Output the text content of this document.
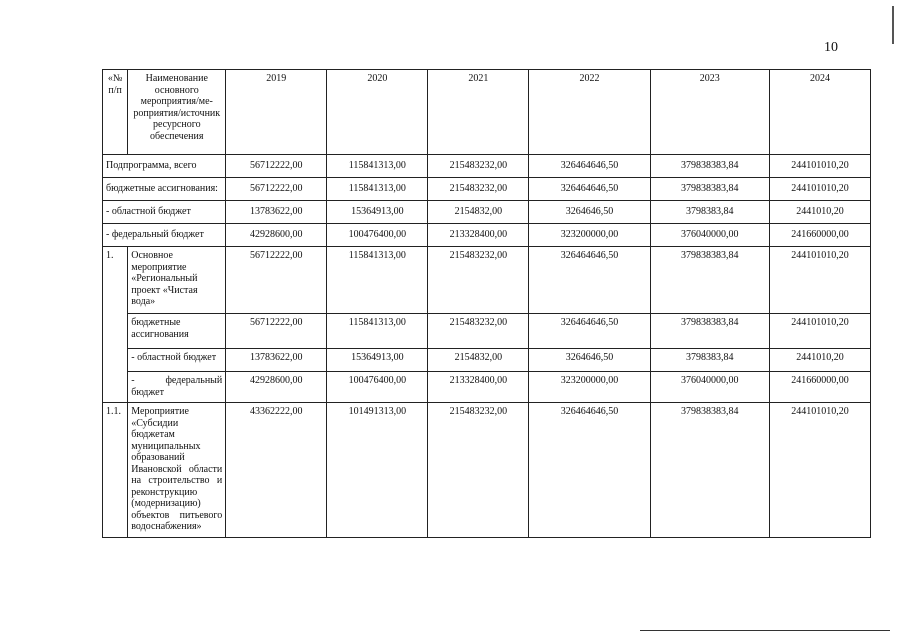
10
«№ п/п	Наименование основного мероприятия/ме-роприятия/источник ресурсного обеспечения	2019	2020	2021	2022	2023	2024
Подпрограмма, всего		56712222,00	115841313,00	215483232,00	326464646,50	379838383,84	244101010,20
бюджетные ассигнования:		56712222,00	115841313,00	215483232,00	326464646,50	379838383,84	244101010,20
- областной бюджет		13783622,00	15364913,00	2154832,00	3264646,50	3798383,84	2441010,20
- федеральный бюджет		42928600,00	100476400,00	213328400,00	323200000,00	376040000,00	241660000,00
1.	Основное мероприятие «Региональный проект «Чистая вода»	56712222,00	115841313,00	215483232,00	326464646,50	379838383,84	244101010,20
	бюджетные ассигнования	56712222,00	115841313,00	215483232,00	326464646,50	379838383,84	244101010,20
	- областной бюджет	13783622,00	15364913,00	2154832,00	3264646,50	3798383,84	2441010,20
	- федеральный бюджет	42928600,00	100476400,00	213328400,00	323200000,00	376040000,00	241660000,00
1.1.	Мероприятие «Субсидии бюджетам муниципальных образований Ивановской области на строительство и реконструкцию (модернизацию) объектов питьевого водоснабжения»	43362222,00	101491313,00	215483232,00	326464646,50	379838383,84	244101010,20
